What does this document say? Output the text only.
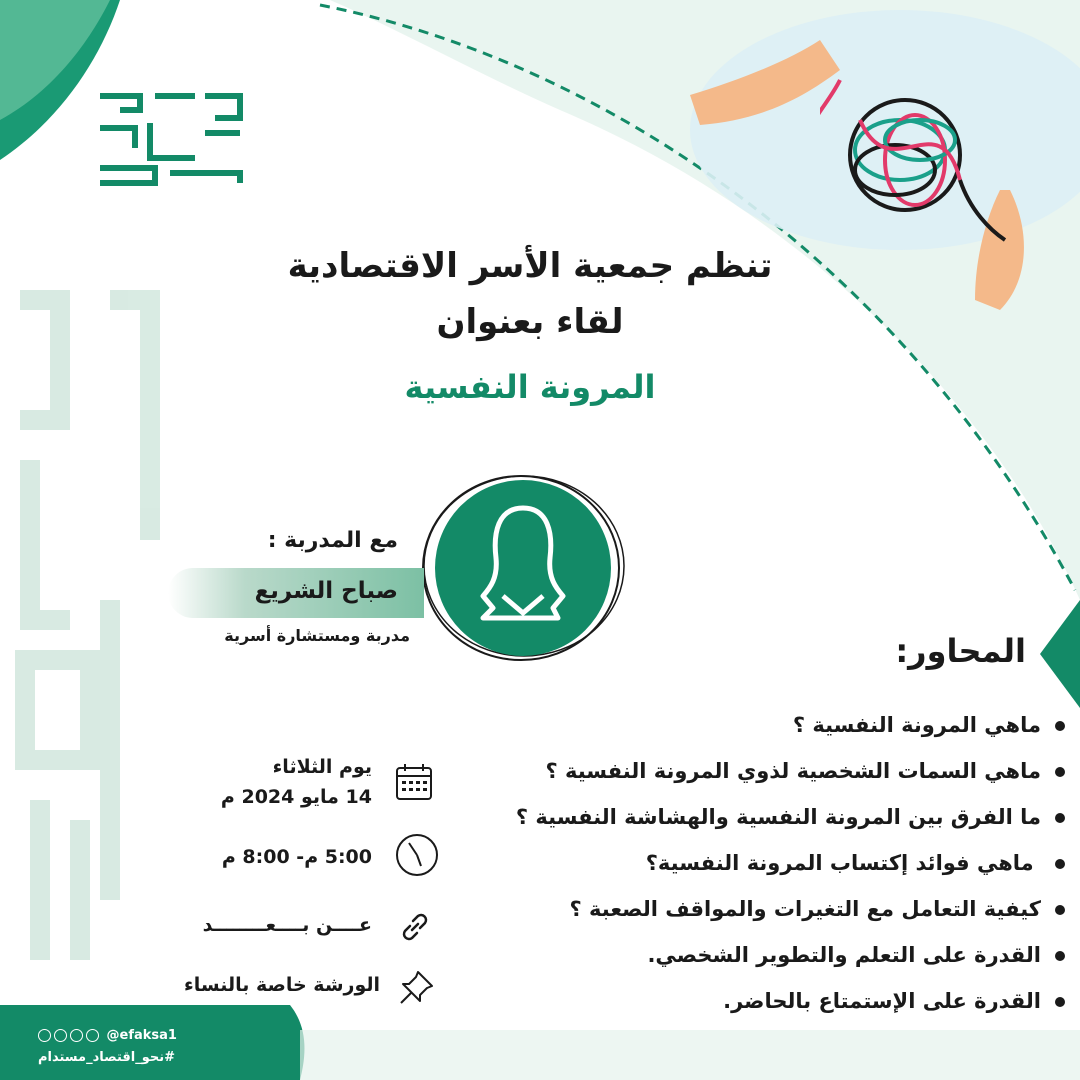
تنظم جمعية الأسر الاقتصادية
لقاء بعنوان
المرونة النفسية
مع المدربة :
صباح الشريع
مدربة ومستشارة أسرية	المحاور:
ماهي المرونة النفسية ؟
ماهي السمات الشخصية لذوي المرونة النفسية ؟
ما الفرق بين المرونة النفسية والهشاشة النفسية ؟
ماهي فوائد إكتساب المرونة النفسية؟
كيفية التعامل مع التغيرات والمواقف الصعبة ؟
القدرة على التعلم والتطوير الشخصي.
القدرة على الإستمتاع بالحاضر.
يوم الثلاثاء
14 مايو 2024 م
5:00 م- 8:00 م
عــــن بــــعــــــــد
الورشة خاصة بالنساء
@efaksa1
#نحو_اقتصاد_مستدام
